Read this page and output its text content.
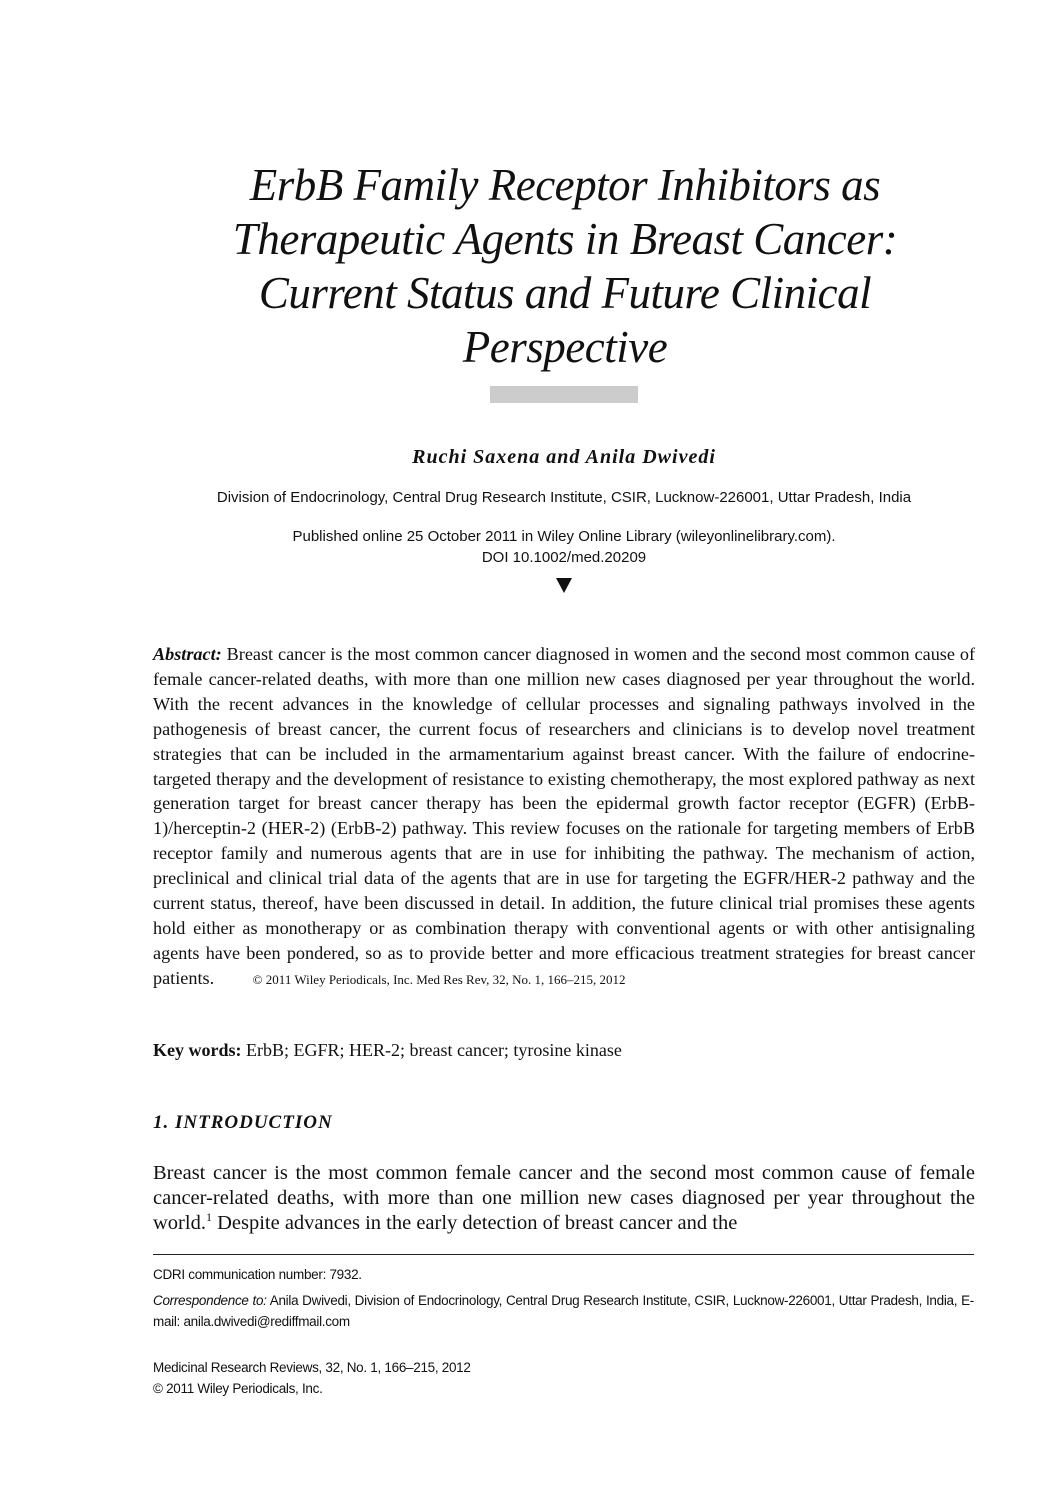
ErbB Family Receptor Inhibitors as
Therapeutic Agents in Breast Cancer:
Current Status and Future Clinical
Perspective
Ruchi Saxena and Anila Dwivedi
Division of Endocrinology, Central Drug Research Institute, CSIR, Lucknow-226001, Uttar Pradesh, India
Published online 25 October 2011 in Wiley Online Library (wileyonlinelibrary.com).
DOI 10.1002/med.20209
Abstract: Breast cancer is the most common cancer diagnosed in women and the second most common cause of female cancer-related deaths, with more than one million new cases diagnosed per year throughout the world. With the recent advances in the knowledge of cellular processes and signaling pathways involved in the pathogenesis of breast cancer, the current focus of researchers and clinicians is to develop novel treatment strategies that can be included in the armamentarium against breast cancer. With the failure of endocrine-targeted therapy and the development of resistance to existing chemotherapy, the most explored pathway as next generation target for breast cancer therapy has been the epidermal growth factor receptor (EGFR) (ErbB-1)/herceptin-2 (HER-2) (ErbB-2) pathway. This review focuses on the rationale for targeting members of ErbB receptor family and numerous agents that are in use for inhibiting the pathway. The mechanism of action, preclinical and clinical trial data of the agents that are in use for targeting the EGFR/HER-2 pathway and the current status, thereof, have been discussed in detail. In addition, the future clinical trial promises these agents hold either as monotherapy or as combination therapy with conventional agents or with other antisignaling agents have been pondered, so as to provide better and more efficacious treatment strategies for breast cancer patients.	© 2011 Wiley Periodicals, Inc. Med Res Rev, 32, No. 1, 166–215, 2012
Key words: ErbB; EGFR; HER-2; breast cancer; tyrosine kinase
1. INTRODUCTION
Breast cancer is the most common female cancer and the second most common cause of female cancer-related deaths, with more than one million new cases diagnosed per year throughout the world.$^1$ Despite advances in the early detection of breast cancer and the
CDRI communication number: 7932.
Correspondence to: Anila Dwivedi, Division of Endocrinology, Central Drug Research Institute, CSIR, Lucknow-226001, Uttar Pradesh, India, E-mail: anila.dwivedi@rediffmail.com
Medicinal Research Reviews, 32, No. 1, 166–215, 2012
© 2011 Wiley Periodicals, Inc.
